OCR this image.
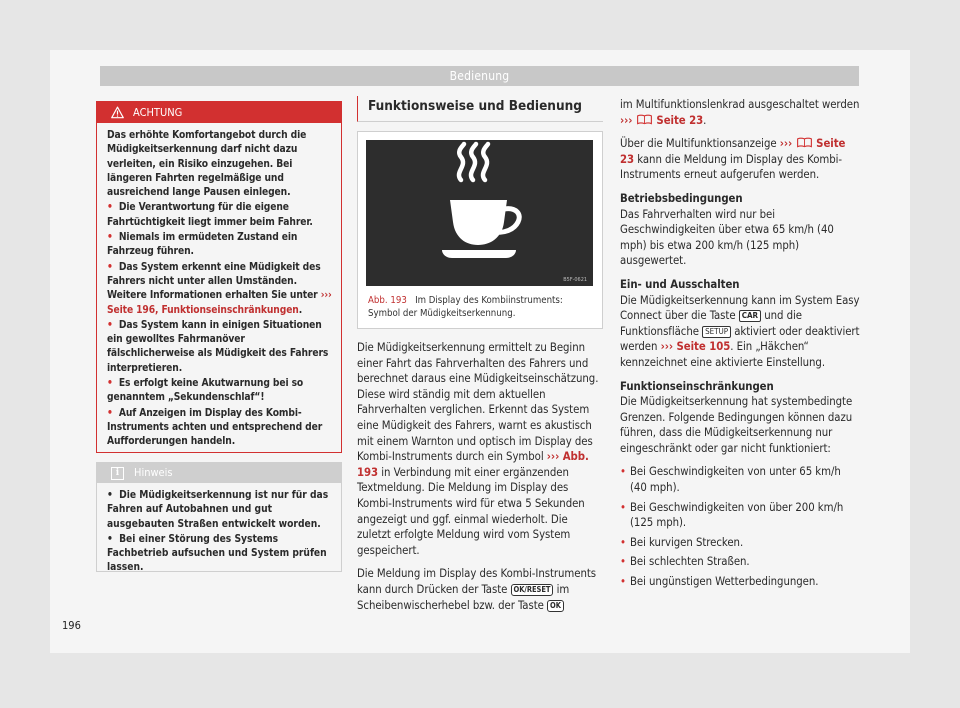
Bedienung
ACHTUNG

Das erhöhte Komfortangebot durch die Müdigkeitserkennung darf nicht dazu verleiten, ein Risiko einzugehen. Bei längeren Fahrten regelmäßige und ausreichend lange Pausen einlegen.

• Die Verantwortung für die eigene Fahrtüchtigkeit liegt immer beim Fahrer.

• Niemals im ermüdeten Zustand ein Fahrzeug führen.

• Das System erkennt eine Müdigkeit des Fahrers nicht unter allen Umständen. Weitere Informationen erhalten Sie unter ››› Seite 196, Funktionseinschränkungen.

• Das System kann in einigen Situationen ein gewolltes Fahrmanöver fälschlicherweise als Müdigkeit des Fahrers interpretieren.

• Es erfolgt keine Akutwarnung bei so genanntem „Sekundenschlaf“!

• Auf Anzeigen im Display des Kombi-Instruments achten und entsprechend der Aufforderungen handeln.

i	Hinweis

• Die Müdigkeitserkennung ist nur für das Fahren auf Autobahnen und gut ausgebauten Straßen entwickelt worden.

• Bei einer Störung des Systems Fachbetrieb aufsuchen und System prüfen lassen.

Funktionsweise und Bedienung
B5F-0621
Abb. 193 Im Display des Kombiinstruments: Symbol der Müdigkeitserkennung.

Die Müdigkeitserkennung ermittelt zu Beginn einer Fahrt das Fahrverhalten des Fahrers und berechnet daraus eine Müdigkeitseinschätzung. Diese wird ständig mit dem aktuellen Fahrverhalten verglichen. Erkennt das System eine Müdigkeit des Fahrers, warnt es akustisch mit einem Warnton und optisch im Display des Kombi-Instruments durch ein Symbol ››› Abb. 193 in Verbindung mit einer ergänzenden Textmeldung. Die Meldung im Display des Kombi-Instruments wird für etwa 5 Sekunden angezeigt und ggf. einmal wiederholt. Die zuletzt erfolgte Meldung wird vom System gespeichert.

Die Meldung im Display des Kombi-Instruments kann durch Drücken der Taste OK/RESET im Scheibenwischerhebel bzw. der Taste OK

im Multifunktionslenkrad ausgeschaltet werden ››› Seite 23.

Über die Multifunktionsanzeige ››› Seite 23 kann die Meldung im Display des Kombi-Instruments erneut aufgerufen werden.

Betriebsbedingungen

Das Fahrverhalten wird nur bei Geschwindigkeiten über etwa 65 km/h (40 mph) bis etwa 200 km/h (125 mph) ausgewertet.

Ein- und Ausschalten

Die Müdigkeitserkennung kann im System Easy Connect über die Taste CAR und die Funktionsfläche SETUP aktiviert oder deaktiviert werden ››› Seite 105. Ein „Häkchen“ kennzeichnet eine aktivierte Einstellung.

Funktionseinschränkungen

Die Müdigkeitserkennung hat systembedingte Grenzen. Folgende Bedingungen können dazu führen, dass die Müdigkeitserkennung nur eingeschränkt oder gar nicht funktioniert:

• Bei Geschwindigkeiten von unter 65 km/h (40 mph).

• Bei Geschwindigkeiten von über 200 km/h (125 mph).

• Bei kurvigen Strecken.

• Bei schlechten Straßen.

• Bei ungünstigen Wetterbedingungen.

196
